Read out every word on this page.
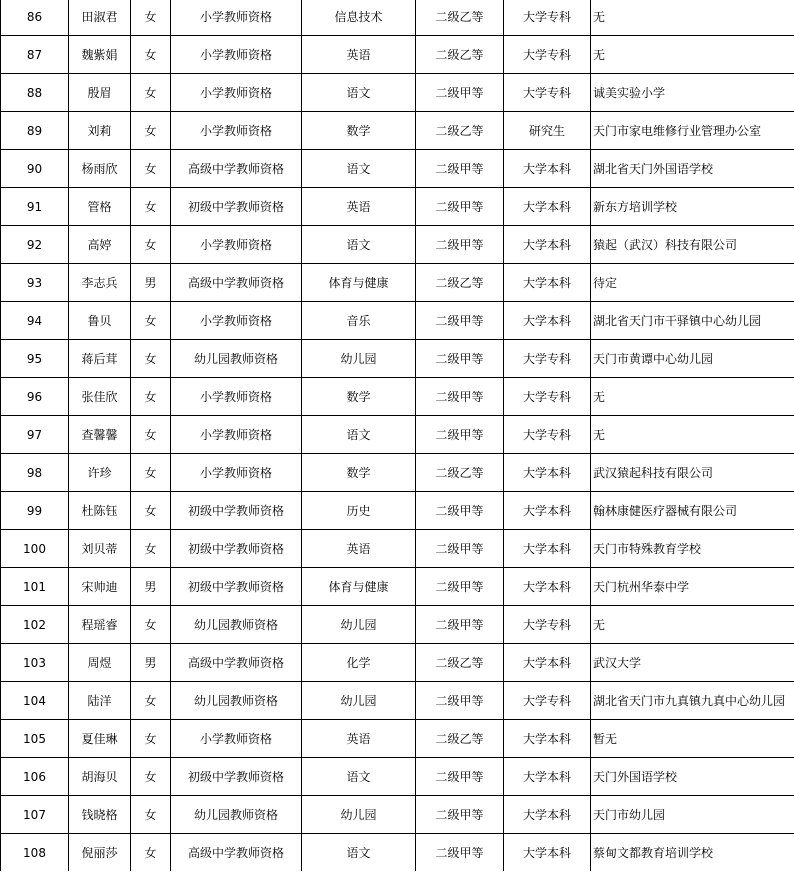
86	田淑君	女	小学教师资格	信息技术	二级乙等	大学专科	无
87	魏紫娟	女	小学教师资格	英语	二级乙等	大学专科	无
88	殷眉	女	小学教师资格	语文	二级甲等	大学专科	诚美实验小学
89	刘莉	女	小学教师资格	数学	二级乙等	研究生	天门市家电维修行业管理办公室
90	杨雨欣	女	高级中学教师资格	语文	二级甲等	大学本科	湖北省天门外国语学校
91	管格	女	初级中学教师资格	英语	二级甲等	大学本科	新东方培训学校
92	高婷	女	小学教师资格	语文	二级甲等	大学本科	猿起（武汉）科技有限公司
93	李志兵	男	高级中学教师资格	体育与健康	二级乙等	大学本科	待定
94	鲁贝	女	小学教师资格	音乐	二级甲等	大学本科	湖北省天门市干驿镇中心幼儿园
95	蒋后茸	女	幼儿园教师资格	幼儿园	二级甲等	大学专科	天门市黄谭中心幼儿园
96	张佳欣	女	小学教师资格	数学	二级甲等	大学专科	无
97	查馨馨	女	小学教师资格	语文	二级甲等	大学专科	无
98	许珍	女	小学教师资格	数学	二级乙等	大学本科	武汉猿起科技有限公司
99	杜陈钰	女	初级中学教师资格	历史	二级甲等	大学本科	翰林康健医疗器械有限公司
100	刘贝蒂	女	初级中学教师资格	英语	二级甲等	大学本科	天门市特殊教育学校
101	宋帅迪	男	初级中学教师资格	体育与健康	二级甲等	大学本科	天门杭州华泰中学
102	程瑶睿	女	幼儿园教师资格	幼儿园	二级甲等	大学专科	无
103	周煜	男	高级中学教师资格	化学	二级乙等	大学本科	武汉大学
104	陆洋	女	幼儿园教师资格	幼儿园	二级甲等	大学专科	湖北省天门市九真镇九真中心幼儿园
105	夏佳琳	女	小学教师资格	英语	二级乙等	大学本科	暂无
106	胡海贝	女	初级中学教师资格	语文	二级甲等	大学本科	天门外国语学校
107	钱晓格	女	幼儿园教师资格	幼儿园	二级甲等	大学本科	天门市幼儿园
108	倪丽莎	女	高级中学教师资格	语文	二级甲等	大学本科	蔡甸文都教育培训学校
